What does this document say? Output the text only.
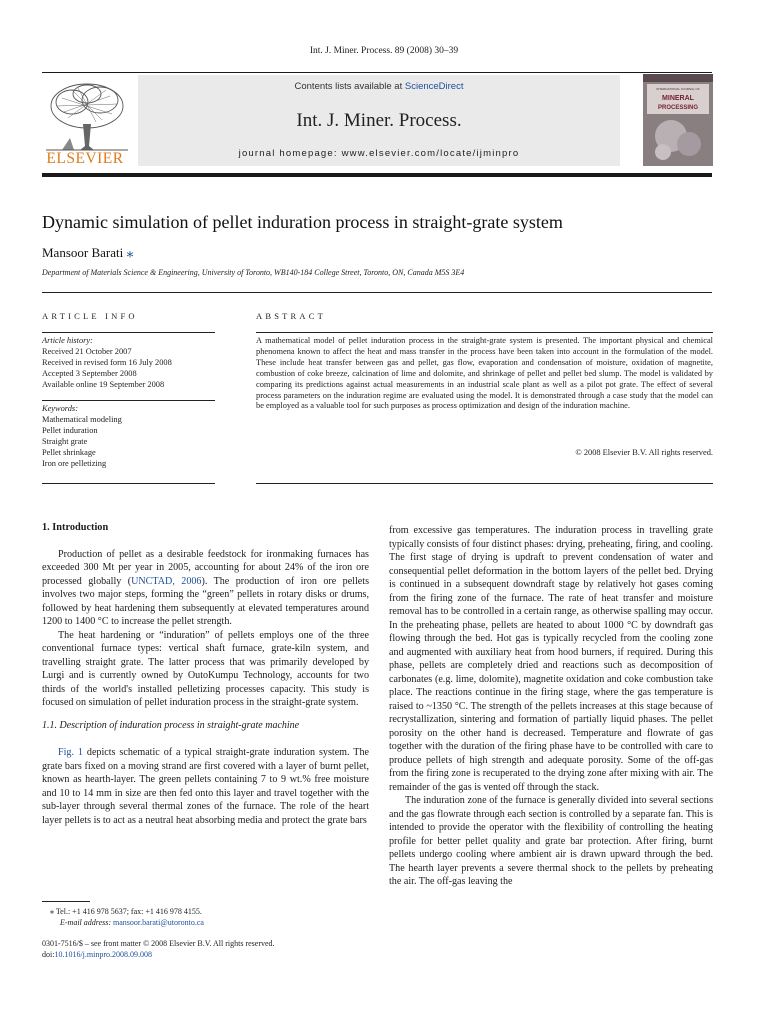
Int. J. Miner. Process. 89 (2008) 30–39
ELSEVIER
Contents lists available at ScienceDirect
Int. J. Miner. Process.
journal homepage: www.elsevier.com/locate/ijminpro
INTERNATIONAL JOURNAL OF
MINERAL
PROCESSING
Dynamic simulation of pellet induration process in straight-grate system
Mansoor Barati ⁎
Department of Materials Science & Engineering, University of Toronto, WB140-184 College Street, Toronto, ON, Canada M5S 3E4
ARTICLE INFO
Article history:
Received 21 October 2007
Received in revised form 16 July 2008
Accepted 3 September 2008
Available online 19 September 2008
Keywords:
Mathematical modeling
Pellet induration
Straight grate
Pellet shrinkage
Iron ore pelletizing
ABSTRACT
A mathematical model of pellet induration process in the straight-grate system is presented. The important physical and chemical phenomena known to affect the heat and mass transfer in the process have been taken into account in the formulation of the model. These include heat transfer between gas and pellet, gas flow, evaporation and condensation of moisture, oxidation of magnetite, combustion of coke breeze, calcination of lime and dolomite, and shrinkage of pellet and pellet bed slump. The model is validated by comparing its predictions against actual measurements in an industrial scale plant as well as a pilot pot grate. The effect of several process parameters on the induration regime are evaluated using the model. It is demonstrated through a case study that the model can be employed as a valuable tool for such purposes as process optimization and design of the induration machine.
© 2008 Elsevier B.V. All rights reserved.
1. Introduction

Production of pellet as a desirable feedstock for ironmaking furnaces has exceeded 300 Mt per year in 2005, accounting for about 24% of the iron ore processed globally (UNCTAD, 2006). The production of iron ore pellets involves two major steps, forming the “green” pellets in rotary disks or drums, followed by heat hardening them subsequently at elevated temperatures around 1200 to 1400 °C to increase the pellet strength.

The heat hardening or “induration” of pellets employs one of the three conventional furnace types: vertical shaft furnace, grate-kiln system, and travelling straight grate. The latter process that was primarily developed by Lurgi and is currently owned by OutoKumpu Technology, accounts for two thirds of the world's installed pelletizing processes capacity. This study is focused on simulation of pellet induration process in the straight-grate system.

1.1. Description of induration process in straight-grate machine

Fig. 1 depicts schematic of a typical straight-grate induration system. The grate bars fixed on a moving strand are first covered with a layer of burnt pellet, known as hearth-layer. The green pellets containing 7 to 9 wt.% free moisture and 10 to 14 mm in size are then fed onto this layer and travel together with the sub-layer through several thermal zones of the furnace. The role of the heart layer pellets is to act as a neutral heat absorbing media and protect the grate bars

from excessive gas temperatures. The induration process in travelling grate typically consists of four distinct phases: drying, preheating, firing, and cooling. The first stage of drying is updraft to prevent condensation of water and consequential pellet deformation in the bottom layers of the pellet bed. Drying is continued in a subsequent downdraft stage by relatively hot gases coming from the firing zone of the furnace. The rate of heat transfer and moisture removal has to be controlled in a certain range, as otherwise spalling may occur. In the preheating phase, pellets are heated to about 1000 °C by downdraft gas flowing through the bed. Hot gas is typically recycled from the cooling zone and augmented with auxiliary heat from hood burners, if required. During this phase, pellets are completely dried and reactions such as decomposition of carbonates (e.g. lime, dolomite), magnetite oxidation and coke combustion take place. The reactions continue in the firing stage, where the gas temperature is raised to ~1350 °C. The strength of the pellets increases at this stage because of recrystallization, sintering and formation of partially liquid phases. The pellet porosity on the other hand is decreased. Temperature and flowrate of gas together with the duration of the firing phase have to be controlled with care to produce pellets of high strength and adequate porosity. Some of the off-gas from the firing zone is recuperated to the drying zone after mixing with air. The remainder of the gas is vented off through the stack.

The induration zone of the furnace is generally divided into several sections and the gas flowrate through each section is controlled by a separate fan. This is intended to provide the operator with the flexibility of controlling the heating profile for better pellet quality and grate bar protection. After firing, burnt pellets undergo cooling where ambient air is drawn upward through the bed. The hearth layer prevents a severe thermal shock to the pellets by preheating the air. The off-gas leaving the

⁎ Tel.: +1 416 978 5637; fax: +1 416 978 4155.
E-mail address: mansoor.barati@utoronto.ca
0301-7516/$ – see front matter © 2008 Elsevier B.V. All rights reserved.
doi:10.1016/j.minpro.2008.09.008
